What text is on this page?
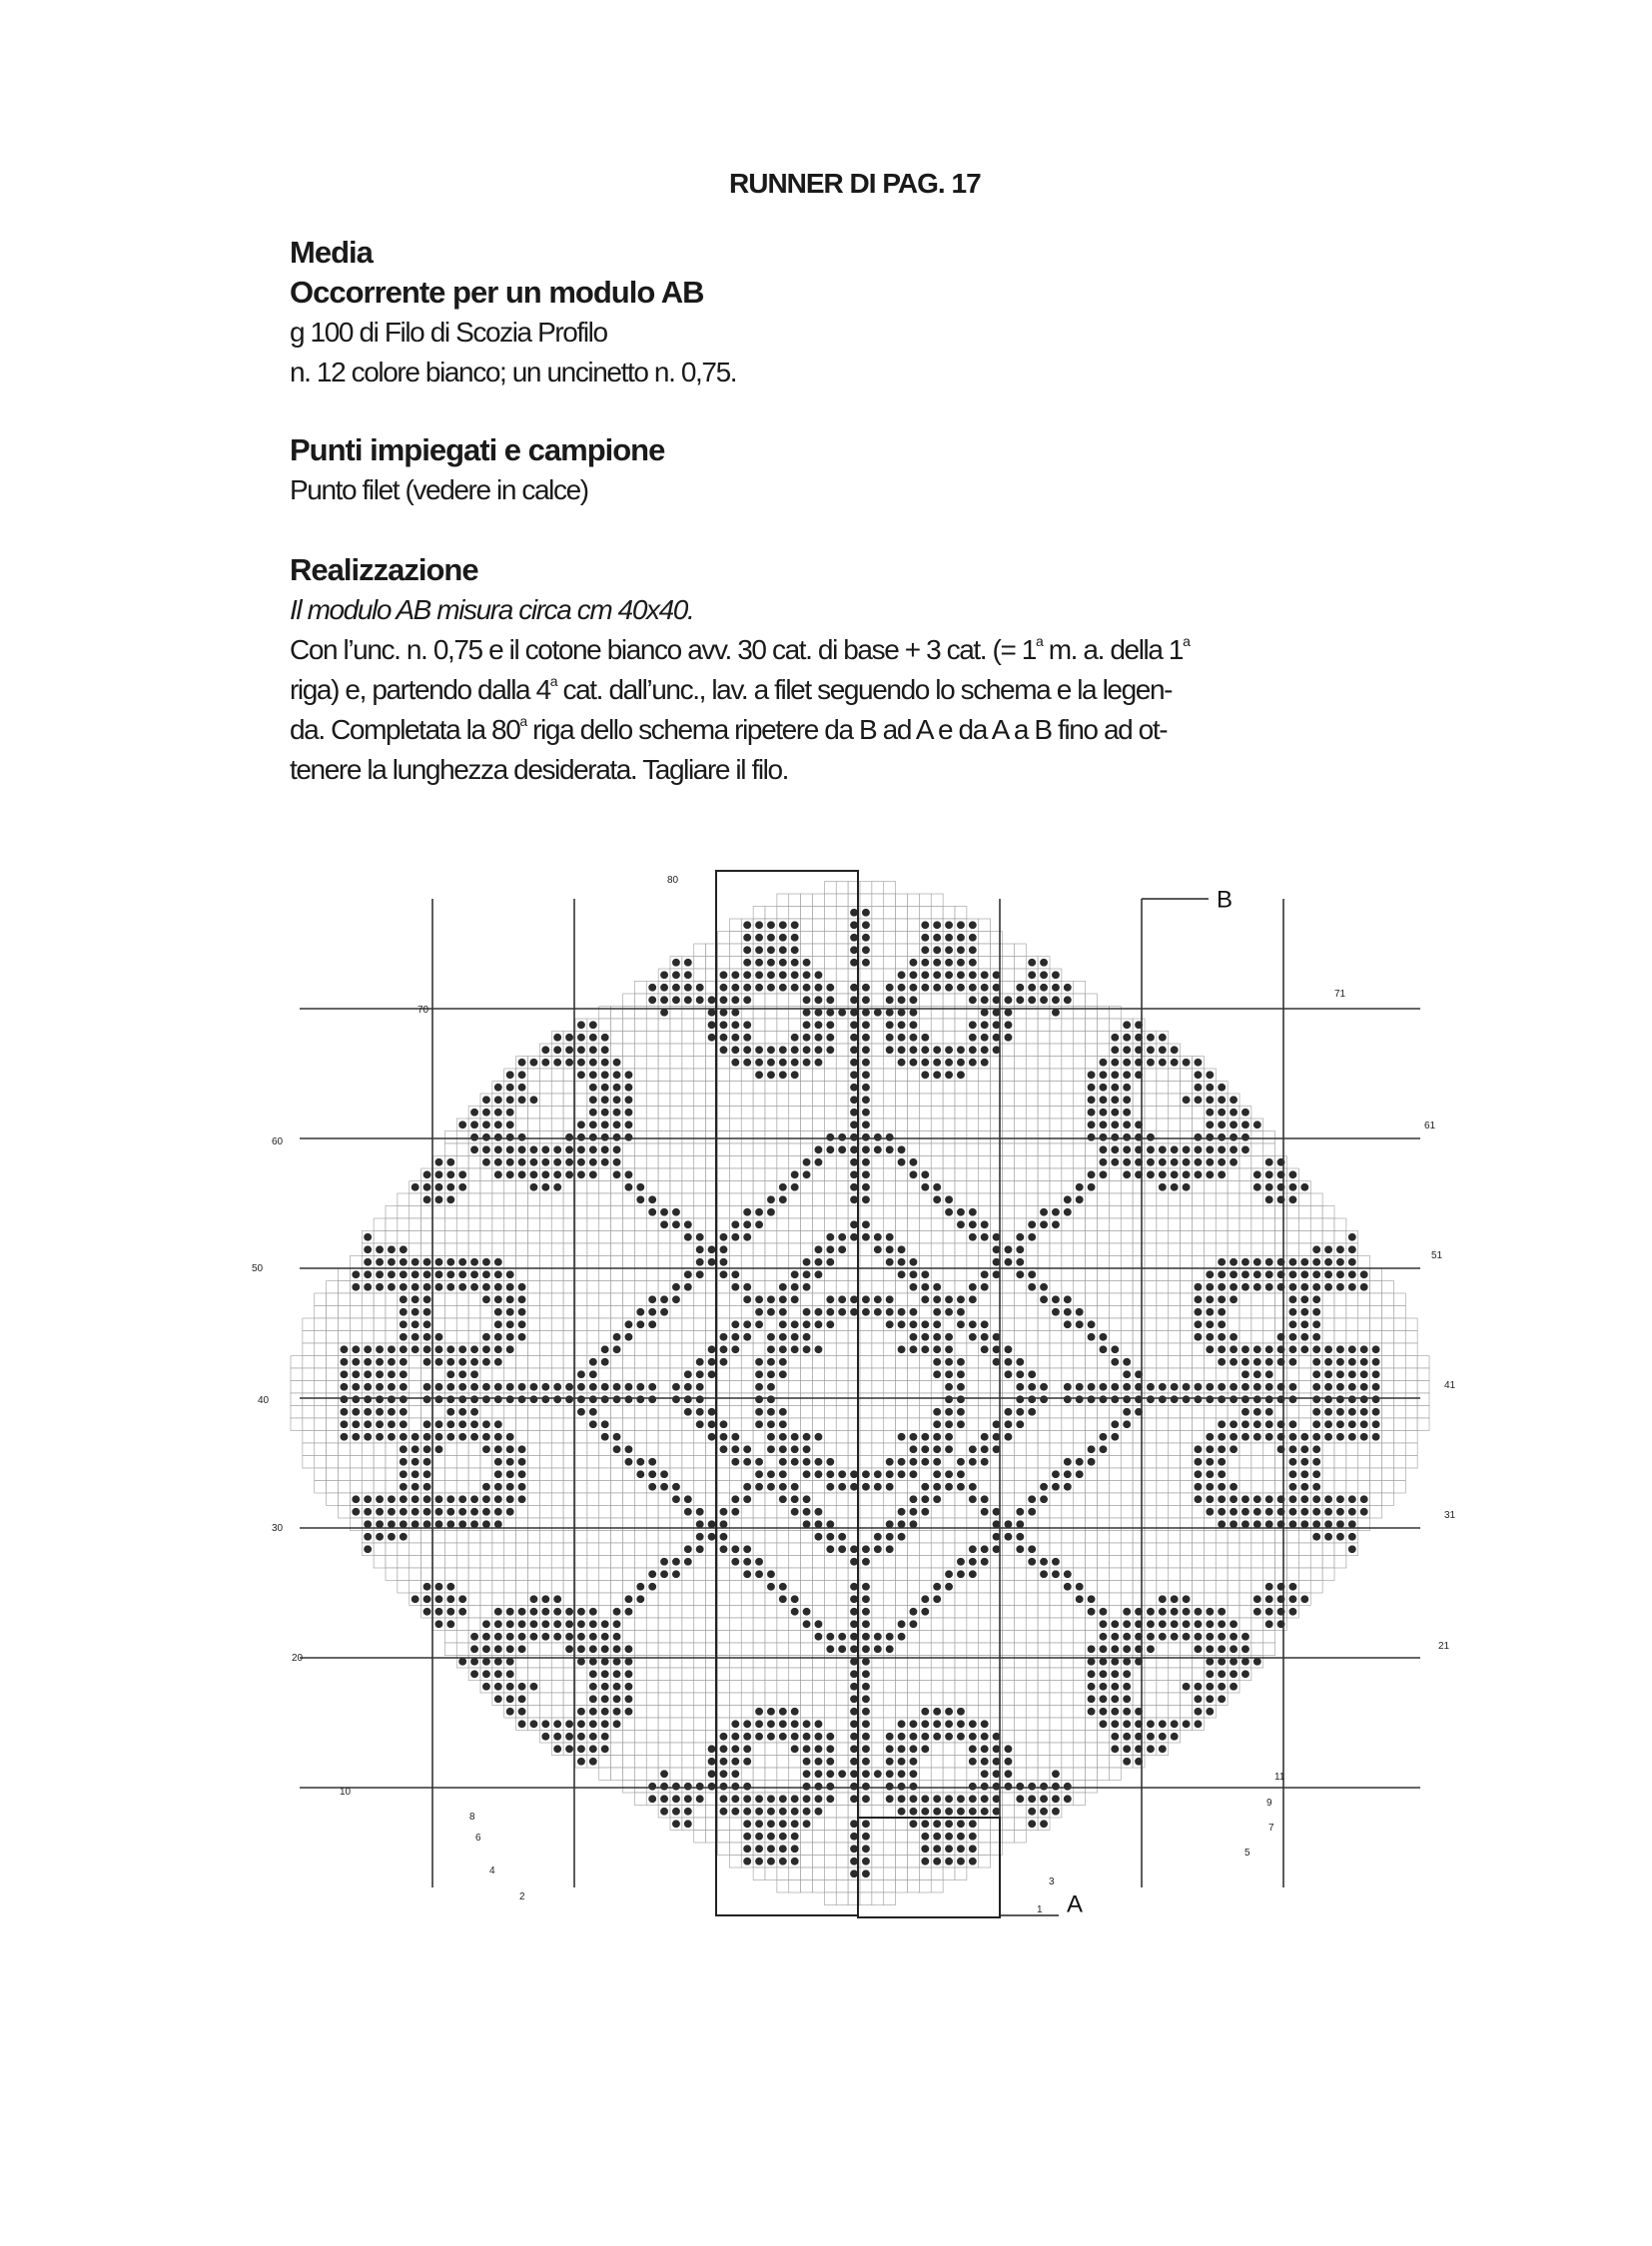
RUNNER DI PAG. 17

Media

Occorrente per un modulo AB

g 100 di Filo di Scozia Profilo

n. 12 colore bianco; un uncinetto n. 0,75.

Punti impiegati e campione

Punto filet (vedere in calce)

Realizzazione

Il modulo AB misura circa cm 40x40.

Con l’unc. n. 0,75 e il cotone bianco avv. 30 cat. di base + 3 cat. (= $1^a$ m. a. della 1$^a$

riga) e, partendo dalla 4$^a$ cat. dall’unc., lav. a filet seguendo lo schema e la legen-

da. Completata la 80$^a$ riga dello schema ripetere da B ad A e da A a B fino ad ot-

tenere la lunghezza desiderata. Tagliare il filo.

B
A
80
70
60
50
40
30
20
10
8
6
4
2
71
61
51
41
31
21
11
9
7
5
3
1
